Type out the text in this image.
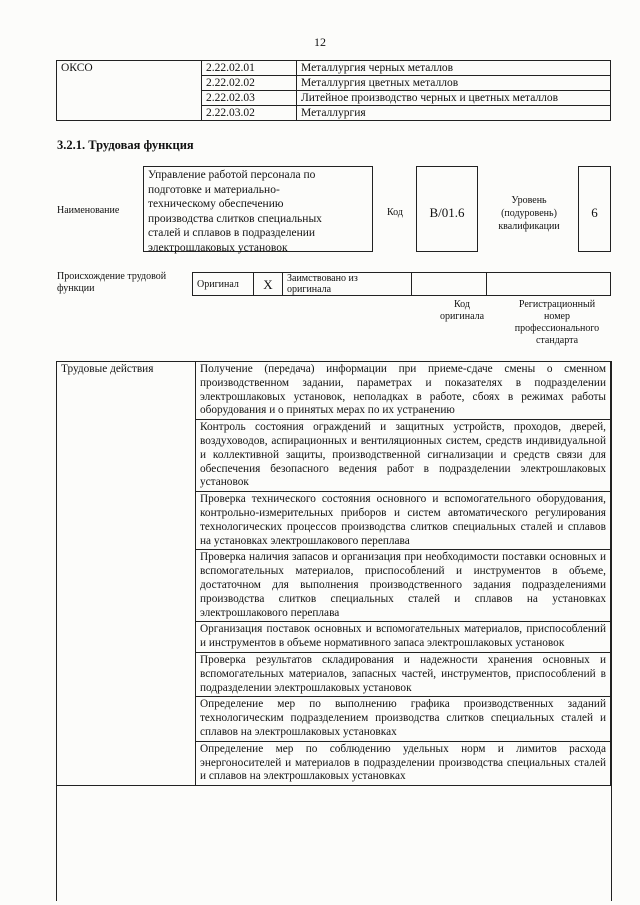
12
ОКСО	2.22.02.01	Металлургия черных металлов
	2.22.02.02	Металлургия цветных металлов
	2.22.02.03	Литейное производство черных и цветных металлов
	2.22.03.02	Металлургия
3.2.1. Трудовая функция
Наименование
Управление работой персонала по
подготовке и материально-
техническому обеспечению
производства слитков специальных
сталей и сплавов в подразделении
электрошлаковых установок
Код	В/01.6
Уровень
(подуровень)
квалификации
6
Происхождение трудовой
функции	Оригинал	X	Заимствовано из
оригинала

Код
оригинала
Регистрационный
номер
профессионального
стандарта
Трудовые действия	Получение (передача) информации при приеме-сдаче смены о сменном производственном задании, параметрах и показателях в подразделении электрошлаковых установок, неполадках в работе, сбоях в режимах работы оборудования и о принятых мерах по их устранению
Контроль состояния ограждений и защитных устройств, проходов, дверей, воздуховодов, аспирационных и вентиляционных систем, средств индивидуальной и коллективной защиты, производственной сигнализации и средств связи для обеспечения безопасного ведения работ в подразделении электрошлаковых установок
Проверка технического состояния основного и вспомогательного оборудования, контрольно-измерительных приборов и систем автоматического регулирования технологических процессов производства слитков специальных сталей и сплавов на установках электрошлакового переплава
Проверка наличия запасов и организация при необходимости поставки основных и вспомогательных материалов, приспособлений и инструментов в объеме, достаточном для выполнения производственного задания подразделениями производства слитков специальных сталей и сплавов на установках электрошлакового переплава
Организация поставок основных и вспомогательных материалов, приспособлений и инструментов в объеме нормативного запаса электрошлаковых установок
Проверка результатов складирования и надежности хранения основных и вспомогательных материалов, запасных частей, инструментов, приспособлений в подразделении электрошлаковых установок
Определение мер по выполнению графика производственных заданий технологическим подразделением производства слитков специальных сталей и сплавов на электрошлаковых установках
Определение мер по соблюдению удельных норм и лимитов расхода энергоносителей и материалов в подразделении производства специальных сталей и сплавов на электрошлаковых установках
